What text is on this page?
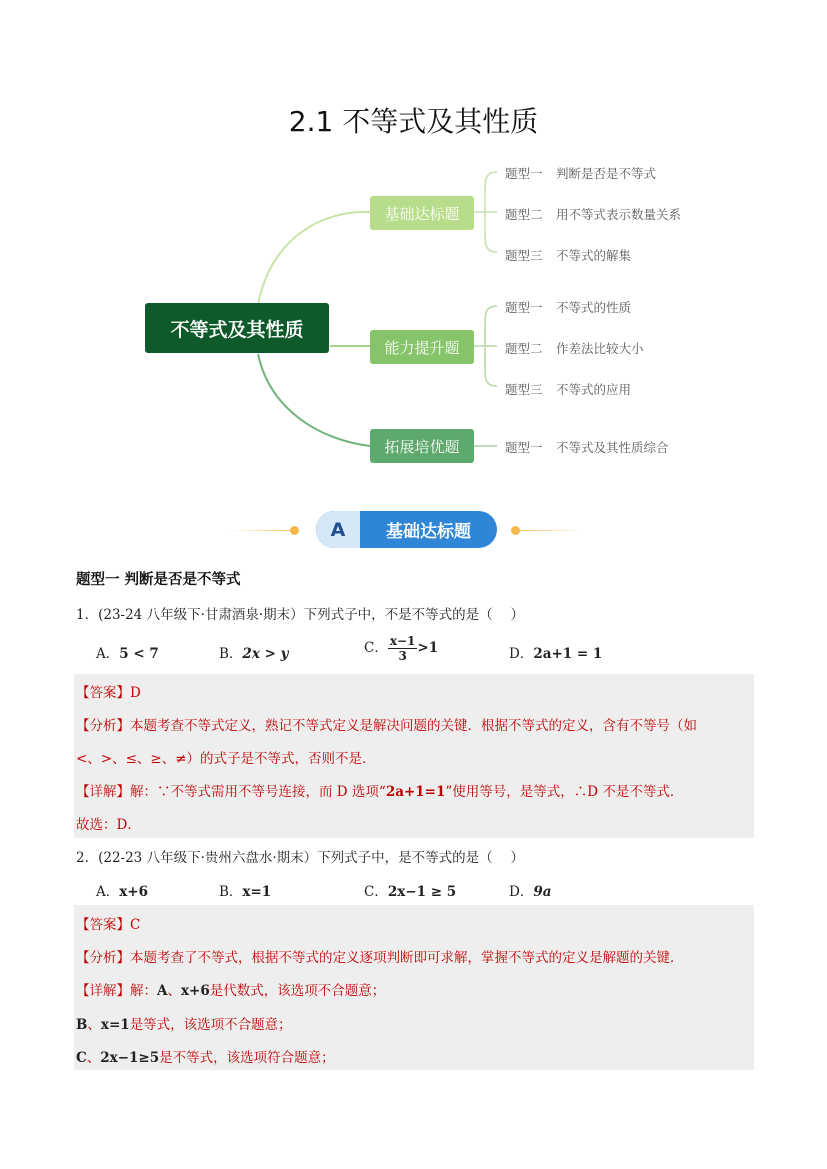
2.1 不等式及其性质
不等式及其性质
基础达标题
能力提升题
拓展培优题
题型一 判断是否是不等式
题型二 用不等式表示数量关系
题型三 不等式的解集
题型一 不等式的性质
题型二 作差法比较大小
题型三 不等式的应用
题型一 不等式及其性质综合
A	基础达标题
题型一 判断是否是不等式
1．(23-24 八年级下·甘肃酒泉·期末）下列式子中，不是不等式的是（　 ）
A．5 < 7	B．2x > y	C． $\frac{x-1}{3} >1$	D．2a+1 = 1
【答案】D
【分析】本题考查不等式定义，熟记不等式定义是解决问题的关键．根据不等式的定义，含有不等号（如
<、>、≤、≥、≠）的式子是不等式，否则不是．
【详解】解：∵不等式需用不等号连接，而 D 选项“2a+1=1”使用等号，是等式，∴D 不是不等式．
故选：D．
2．(22-23 八年级下·贵州六盘水·期末）下列式子中，是不等式的是（　 ）
A．x+6	B．x=1	C．2x−1 ≥ 5	D．9a
【答案】C
【分析】本题考查了不等式，根据不等式的定义逐项判断即可求解，掌握不等式的定义是解题的关键．
【详解】解：A、x+6是代数式，该选项不合题意；
B、x=1是等式，该选项不合题意；
C、2x−1≥5是不等式，该选项符合题意；
